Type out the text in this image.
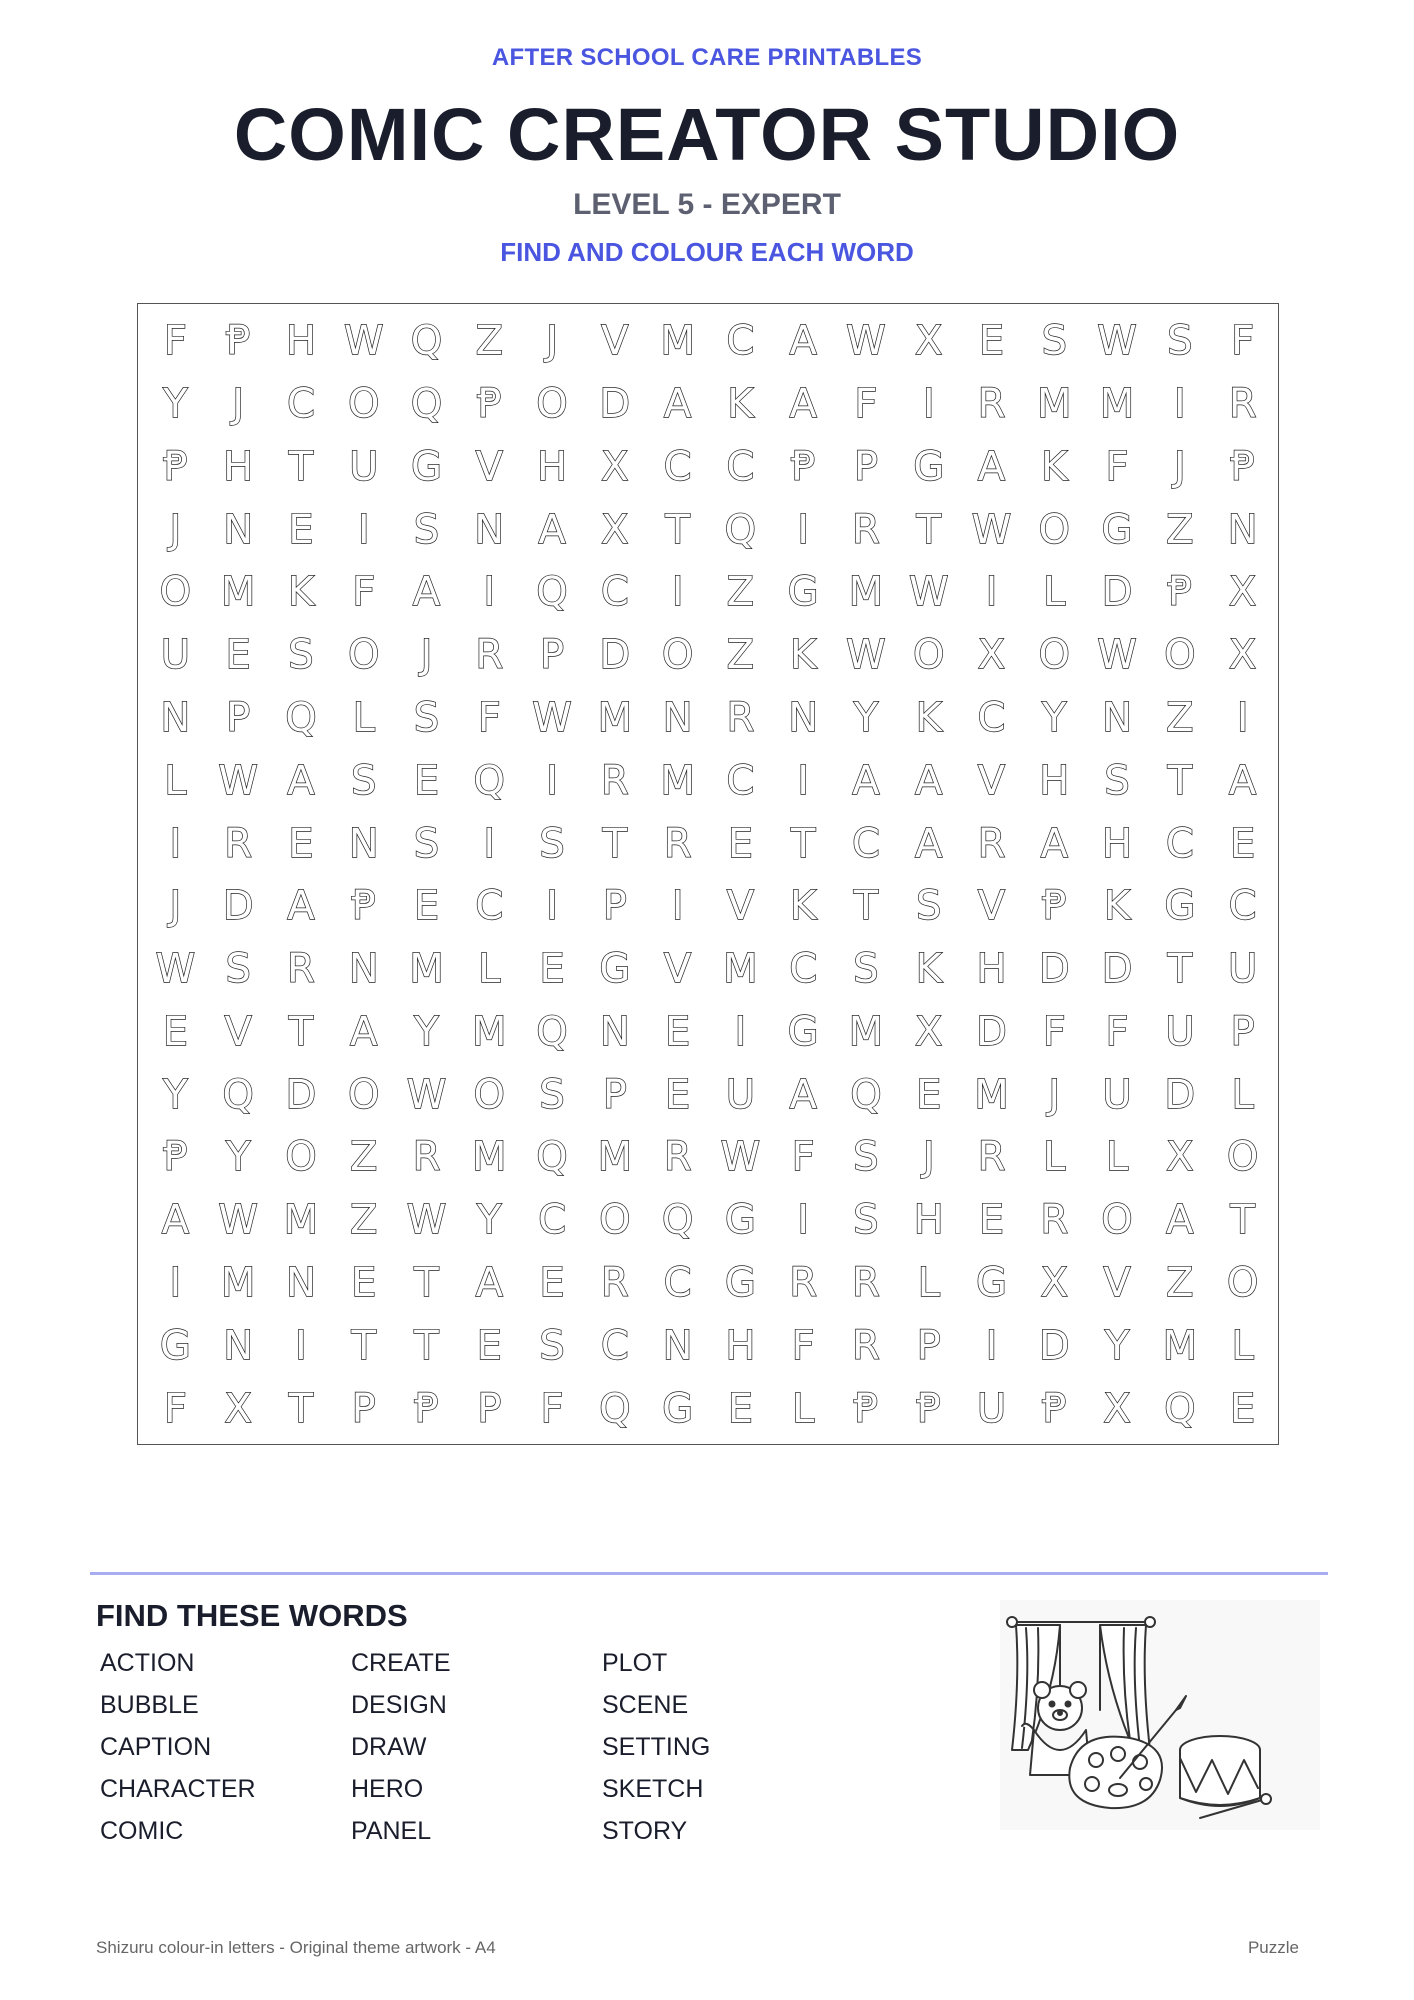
AFTER SCHOOL CARE PRINTABLES
COMIC CREATOR STUDIO
LEVEL 5 - EXPERT
FIND AND COLOUR EACH WORD
F Ᵽ H W Q Z	J	V M C A W X E S W S F
Y	J	C O Q Ᵽ O D A K A F	I	R M M I	R
Ᵽ H T U G V H X C C Ᵽ P G A K F	J	Ᵽ
J	N E	I	S N A X T Q	I	R T W O G Z N
O M K F A	I	Q C	I	Z G M W I	L D Ᵽ X
U E S O	J	R P D O Z K W O X O W O X
N P Q L S F W M N R N Y K C Y N Z	I
L W A S E Q	I	R M C	I	A A V H S T A
I	R E N S	I	S T R E T C A R A H C E
J	D A Ᵽ E C	I	P	I	V K T S V Ᵽ K G C
W S R N M L E G V M C S K H D D T U
E V T A Y M Q N E	I	G M X D F F U P
Y Q D O W O S P E U A Q E M J	U D L
Ᵽ Y O Z R M Q M R W F S	J	R L	L X O
A W M Z W Y C O Q G	I	S H E R O A T
I M N E T A E R C G R R L G X V Z O
G N	I	T T E S C N H F R P	I	D Y M L
F X T P Ᵽ P F Q G E L Ᵽ Ᵽ U Ᵽ X Q E
FIND THESE WORDS
ACTION
BUBBLE
CAPTION
CHARACTER
COMIC
CREATE
DESIGN
DRAW
HERO
PANEL
PLOT
SCENE
SETTING
SKETCH
STORY
Shizuru colour-in letters - Original theme artwork - A4	Puzzle
